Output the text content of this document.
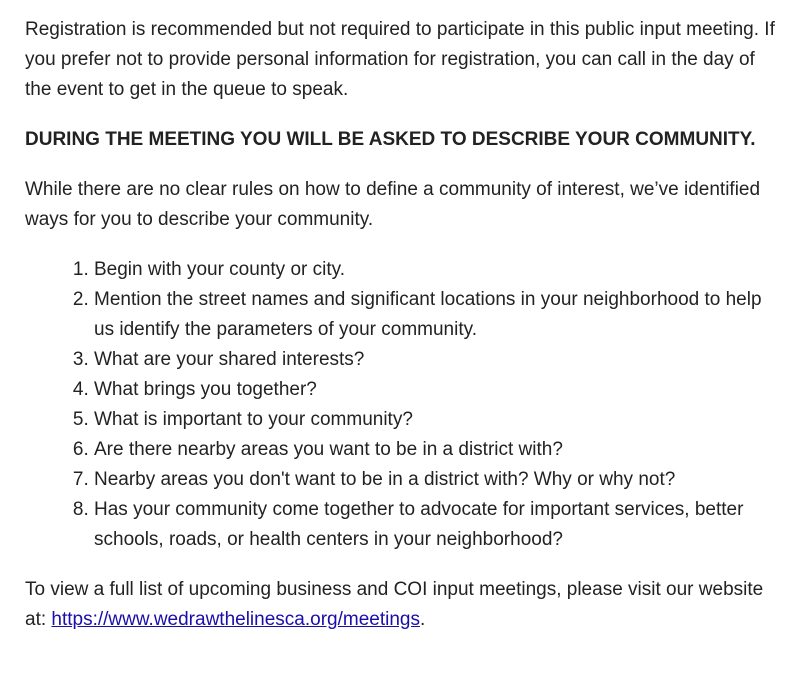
Registration is recommended but not required to participate in this public input meeting. If you prefer not to provide personal information for registration, you can call in the day of the event to get in the queue to speak.

DURING THE MEETING YOU WILL BE ASKED TO DESCRIBE YOUR COMMUNITY.

While there are no clear rules on how to define a community of interest, we’ve identified ways for you to describe your community.

1. Begin with your county or city.
2. Mention the street names and significant locations in your neighborhood to help us identify the parameters of your community.
3. What are your shared interests?
4. What brings you together?
5. What is important to your community?
6. Are there nearby areas you want to be in a district with?
7. Nearby areas you don't want to be in a district with? Why or why not?
8. Has your community come together to advocate for important services, better schools, roads, or health centers in your neighborhood?

To view a full list of upcoming business and COI input meetings, please visit our website at: https://www.wedrawthelinesca.org/meetings.
